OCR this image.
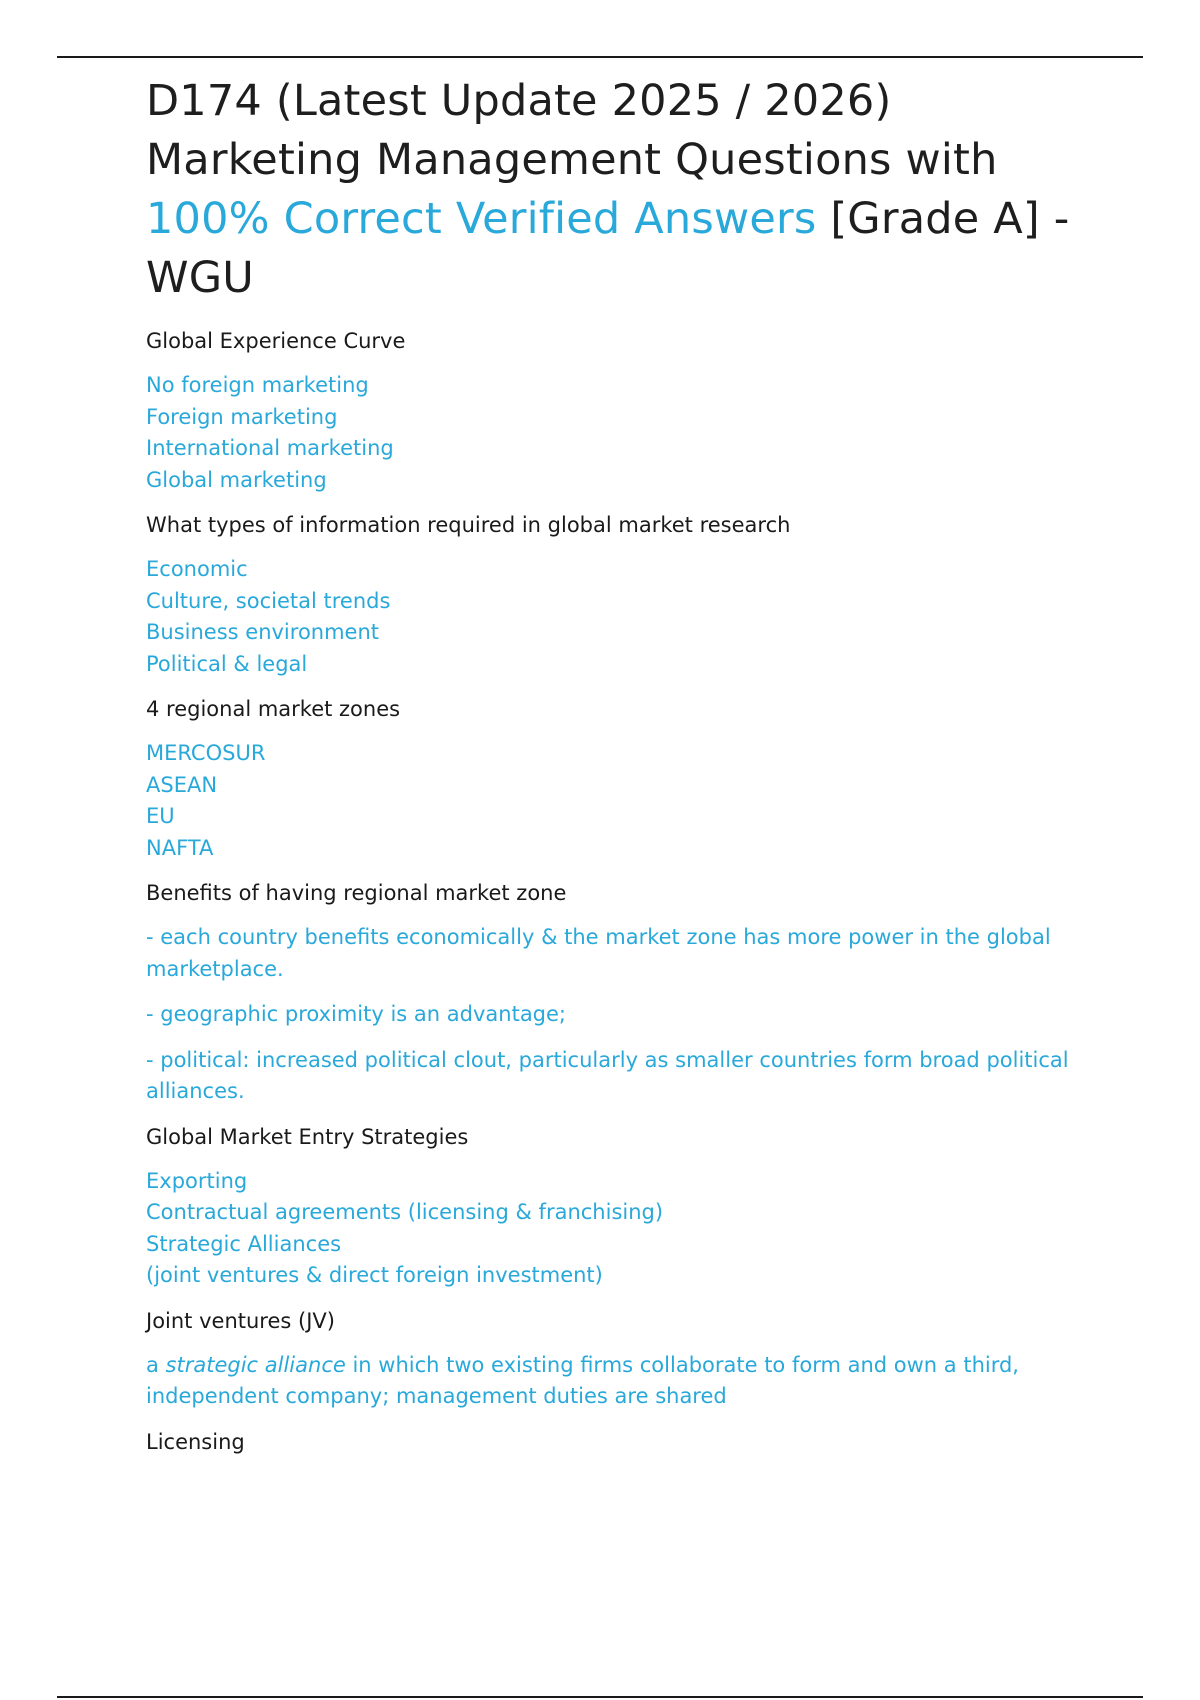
D174 (Latest Update 2025 / 2026) Marketing Management Questions with 100% Correct Verified Answers [Grade A] - WGU
Global Experience Curve
No foreign marketing
Foreign marketing
International marketing
Global marketing
What types of information required in global market research
Economic
Culture, societal trends
Business environment
Political & legal
4 regional market zones
MERCOSUR
ASEAN
EU
NAFTA
Benefits of having regional market zone

- each country benefits economically & the market zone has more power in the global marketplace.

- geographic proximity is an advantage;

- political: increased political clout, particularly as smaller countries form broad political alliances.

Global Market Entry Strategies
Exporting
Contractual agreements (licensing & franchising)
Strategic Alliances
(joint ventures & direct foreign investment)
Joint ventures (JV)
a strategic alliance in which two existing firms collaborate to form and own a third, independent company; management duties are shared
Licensing
